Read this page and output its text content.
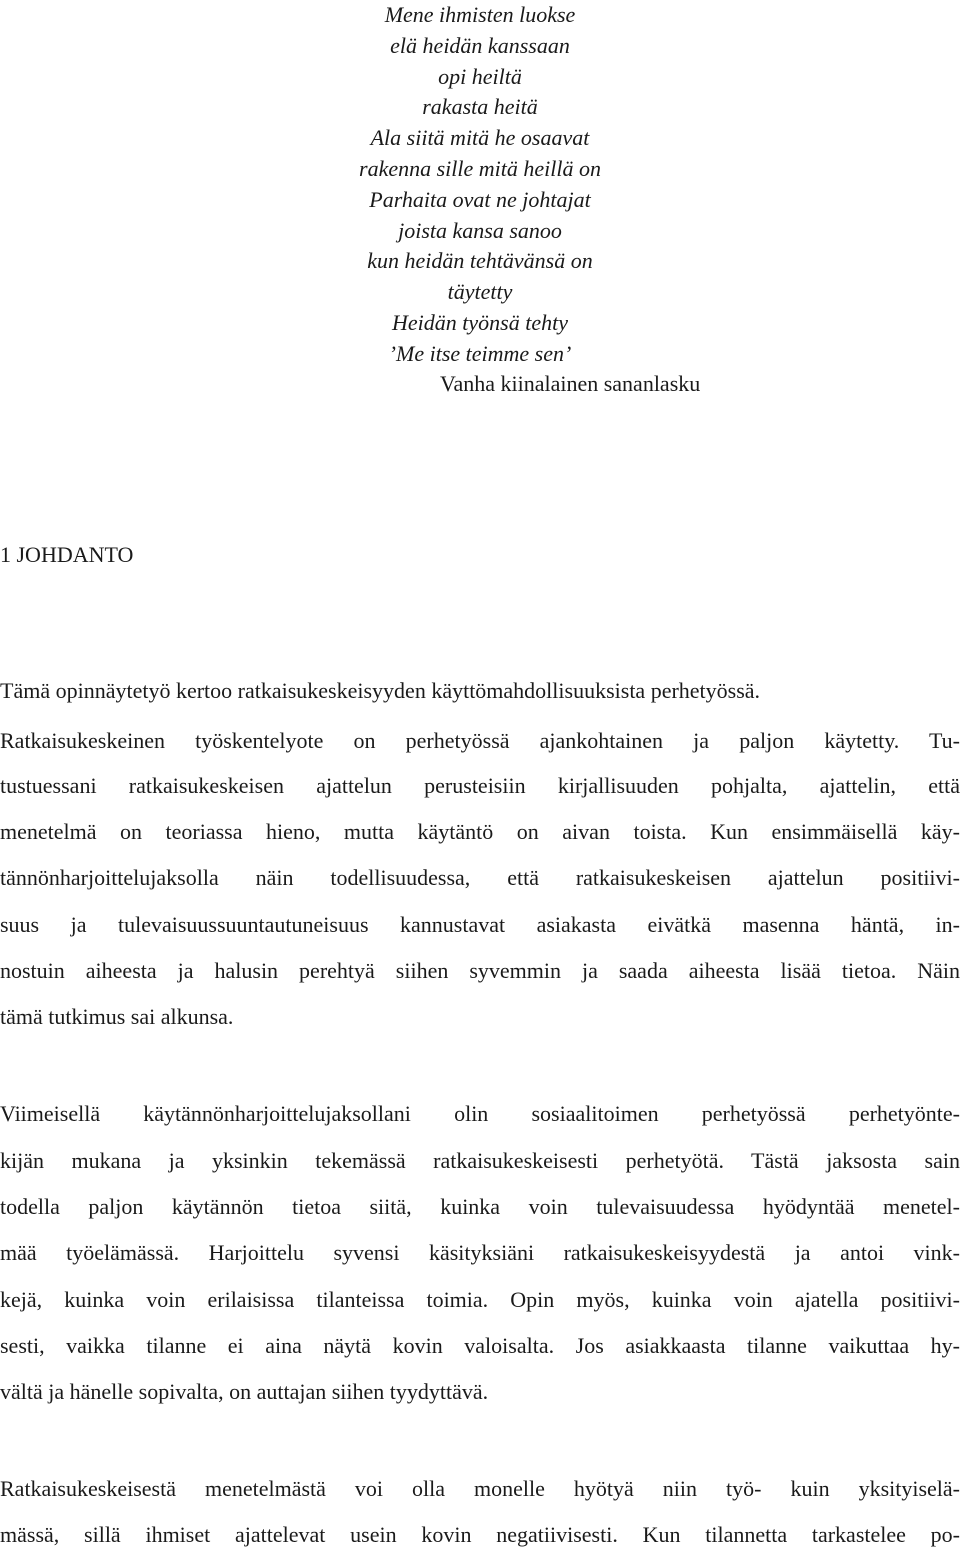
Mene ihmisten luokse
elä heidän kanssaan
opi heiltä
rakasta heitä
Ala siitä mitä he osaavat
rakenna sille mitä heillä on
Parhaita ovat ne johtajat
joista kansa sanoo
kun heidän tehtävänsä on
täytetty
Heidän työnsä tehty
’Me itse teimme sen’
Vanha kiinalainen sananlasku
1 JOHDANTO
Tämä opinnäytetyö kertoo ratkaisukeskeisyyden käyttömahdollisuuksista perhetyössä.
Ratkaisukeskeinen työskentelyote on perhetyössä ajankohtainen ja paljon käytetty. Tu-
tustuessani ratkaisukeskeisen ajattelun perusteisiin kirjallisuuden pohjalta, ajattelin, että
menetelmä on teoriassa hieno, mutta käytäntö on aivan toista. Kun ensimmäisellä käy-
tännönharjoittelujaksolla näin todellisuudessa, että ratkaisukeskeisen ajattelun positiivi-
suus ja tulevaisuussuuntautuneisuus kannustavat asiakasta eivätkä masenna häntä, in-
nostuin aiheesta ja halusin perehtyä siihen syvemmin ja saada aiheesta lisää tietoa. Näin
tämä tutkimus sai alkunsa.
Viimeisellä käytännönharjoittelujaksollani olin sosiaalitoimen perhetyössä perhetyönte-
kijän mukana ja yksinkin tekemässä ratkaisukeskeisesti perhetyötä. Tästä jaksosta sain
todella paljon käytännön tietoa siitä, kuinka voin tulevaisuudessa hyödyntää menetel-
mää työelämässä. Harjoittelu syvensi käsityksiäni ratkaisukeskeisyydestä ja antoi vink-
kejä, kuinka voin erilaisissa tilanteissa toimia. Opin myös, kuinka voin ajatella positiivi-
sesti, vaikka tilanne ei aina näytä kovin valoisalta. Jos asiakkaasta tilanne vaikuttaa hy-
vältä ja hänelle sopivalta, on auttajan siihen tyydyttävä.
Ratkaisukeskeisestä menetelmästä voi olla monelle hyötyä niin työ- kuin yksityiselä-
mässä, sillä ihmiset ajattelevat usein kovin negatiivisesti. Kun tilannetta tarkastelee po-
